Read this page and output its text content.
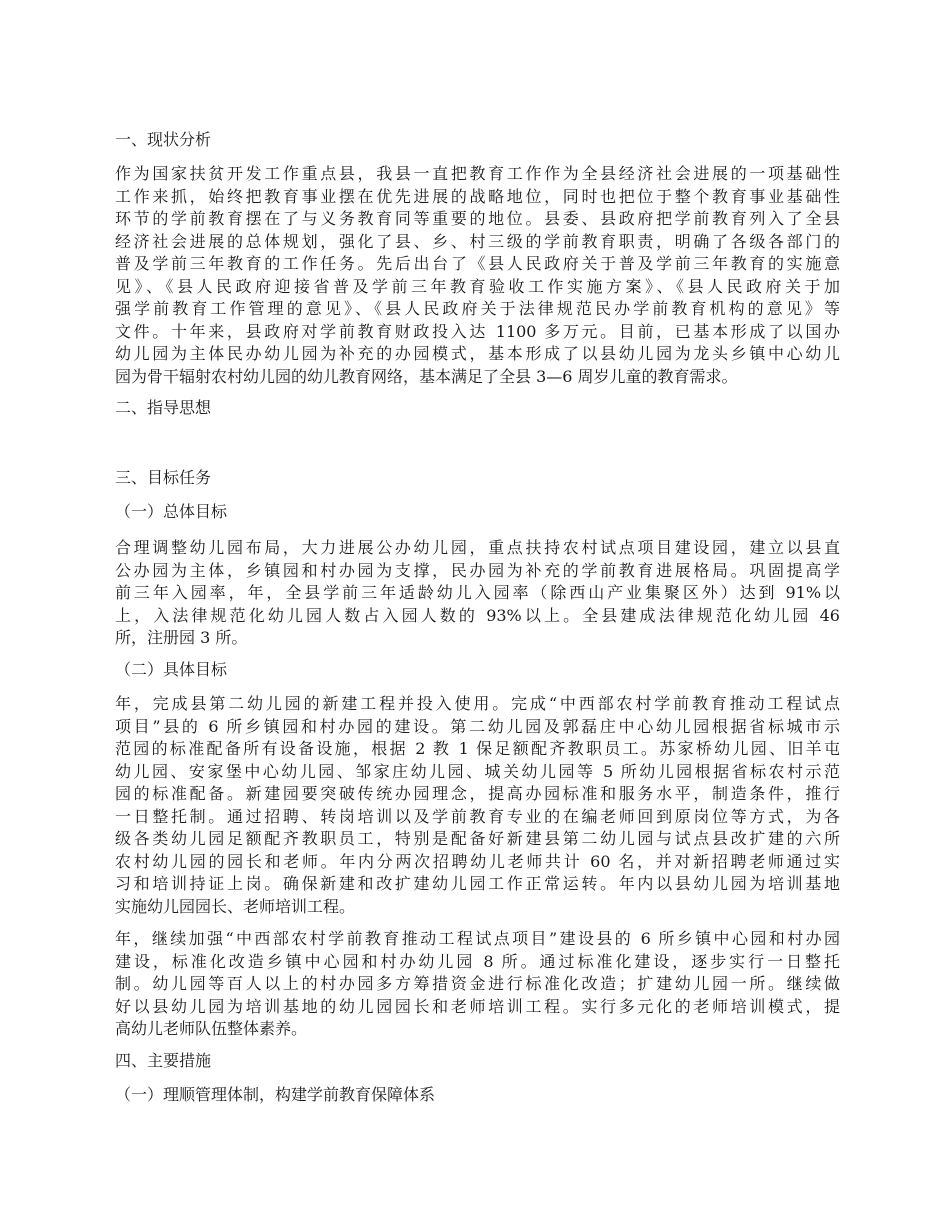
一、现状分析

作为国家扶贫开发工作重点县，我县一直把教育工作作为全县经济社会进展的一项基础性
工作来抓，始终把教育事业摆在优先进展的战略地位，同时也把位于整个教育事业基础性
环节的学前教育摆在了与义务教育同等重要的地位。县委、县政府把学前教育列入了全县
经济社会进展的总体规划，强化了县、乡、村三级的学前教育职责，明确了各级各部门的
普及学前三年教育的工作任务。先后出台了《县人民政府关于普及学前三年教育的实施意
见》、《县人民政府迎接省普及学前三年教育验收工作实施方案》、《县人民政府关于加
强学前教育工作管理的意见》、《县人民政府关于法律规范民办学前教育机构的意见》等
文件。十年来，县政府对学前教育财政投入达 1100 多万元。目前，已基本形成了以国办
幼儿园为主体民办幼儿园为补充的办园模式，基本形成了以县幼儿园为龙头乡镇中心幼儿
园为骨干辐射农村幼儿园的幼儿教育网络，基本满足了全县 3—6 周岁儿童的教育需求。

二、指导思想

三、目标任务

（一）总体目标

合理调整幼儿园布局，大力进展公办幼儿园，重点扶持农村试点项目建设园，建立以县直
公办园为主体，乡镇园和村办园为支撑，民办园为补充的学前教育进展格局。巩固提高学
前三年入园率，年，全县学前三年适龄幼儿入园率（除西山产业集聚区外）达到 91%以
上，入法律规范化幼儿园人数占入园人数的 93%以上。全县建成法律规范化幼儿园 46
所，注册园 3 所。

（二）具体目标

年，完成县第二幼儿园的新建工程并投入使用。完成“中西部农村学前教育推动工程试点
项目”县的 6 所乡镇园和村办园的建设。第二幼儿园及郭磊庄中心幼儿园根据省标城市示
范园的标准配备所有设备设施，根据 2 教 1 保足额配齐教职员工。苏家桥幼儿园、旧羊屯
幼儿园、安家堡中心幼儿园、邹家庄幼儿园、城关幼儿园等 5 所幼儿园根据省标农村示范
园的标准配备。新建园要突破传统办园理念，提高办园标准和服务水平，制造条件，推行
一日整托制。通过招聘、转岗培训以及学前教育专业的在编老师回到原岗位等方式，为各
级各类幼儿园足额配齐教职员工，特别是配备好新建县第二幼儿园与试点县改扩建的六所
农村幼儿园的园长和老师。年内分两次招聘幼儿老师共计 60 名，并对新招聘老师通过实
习和培训持证上岗。确保新建和改扩建幼儿园工作正常运转。年内以县幼儿园为培训基地
实施幼儿园园长、老师培训工程。
年，继续加强“中西部农村学前教育推动工程试点项目”建设县的 6 所乡镇中心园和村办园
建设，标准化改造乡镇中心园和村办幼儿园 8 所。通过标准化建设，逐步实行一日整托
制。幼儿园等百人以上的村办园多方筹措资金进行标准化改造；扩建幼儿园一所。继续做
好以县幼儿园为培训基地的幼儿园园长和老师培训工程。实行多元化的老师培训模式，提
高幼儿老师队伍整体素养。

四、主要措施

（一）理顺管理体制，构建学前教育保障体系
